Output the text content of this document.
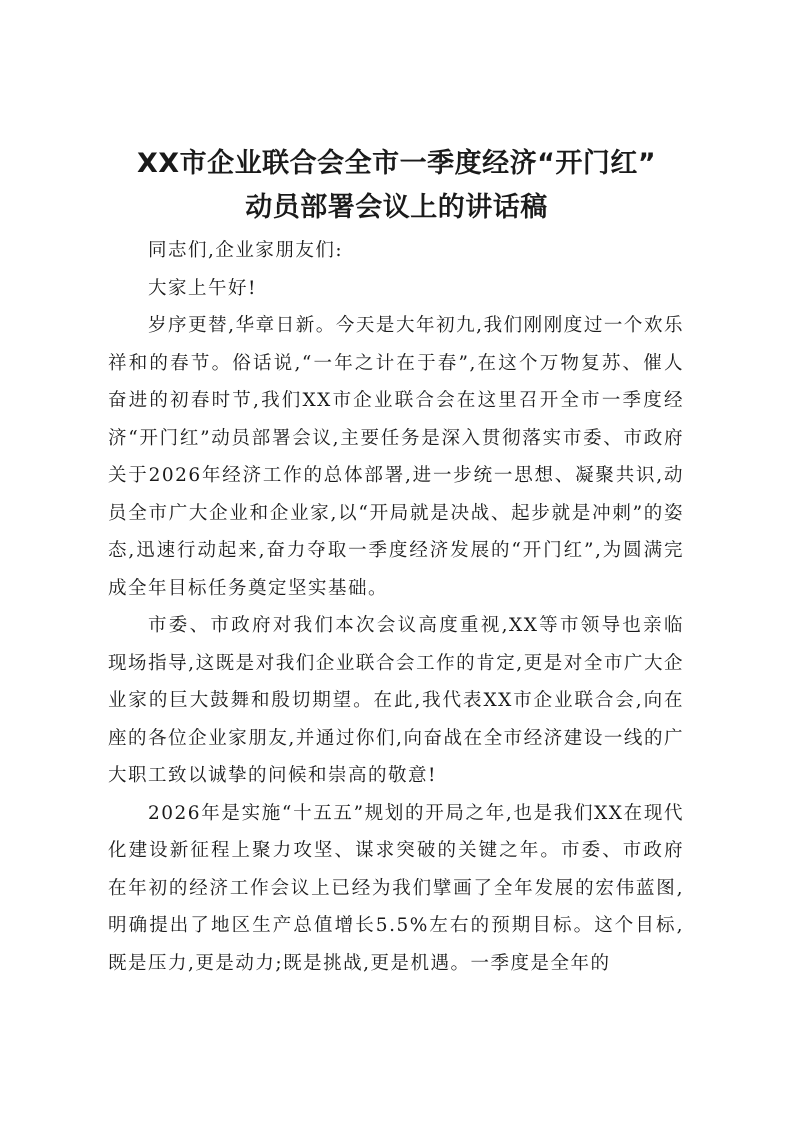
XX市企业联合会全市一季度经济“开门红”
动员部署会议上的讲话稿

同志们,企业家朋友们:

大家上午好!

岁序更替,华章日新。今天是大年初九,我们刚刚度过一个欢乐祥和的春节。俗话说,“一年之计在于春”,在这个万物复苏、催人奋进的初春时节,我们XX市企业联合会在这里召开全市一季度经济“开门红”动员部署会议,主要任务是深入贯彻落实市委、市政府关于2026年经济工作的总体部署,进一步统一思想、凝聚共识,动员全市广大企业和企业家,以“开局就是决战、起步就是冲刺”的姿态,迅速行动起来,奋力夺取一季度经济发展的“开门红”,为圆满完成全年目标任务奠定坚实基础。

市委、市政府对我们本次会议高度重视,XX等市领导也亲临现场指导,这既是对我们企业联合会工作的肯定,更是对全市广大企业家的巨大鼓舞和殷切期望。在此,我代表XX市企业联合会,向在座的各位企业家朋友,并通过你们,向奋战在全市经济建设一线的广大职工致以诚挚的问候和崇高的敬意!

2026年是实施“十五五”规划的开局之年,也是我们XX在现代化建设新征程上聚力攻坚、谋求突破的关键之年。市委、市政府在年初的经济工作会议上已经为我们擘画了全年发展的宏伟蓝图,明确提出了地区生产总值增长5.5%左右的预期目标。这个目标,既是压力,更是动力;既是挑战,更是机遇。一季度是全年的
